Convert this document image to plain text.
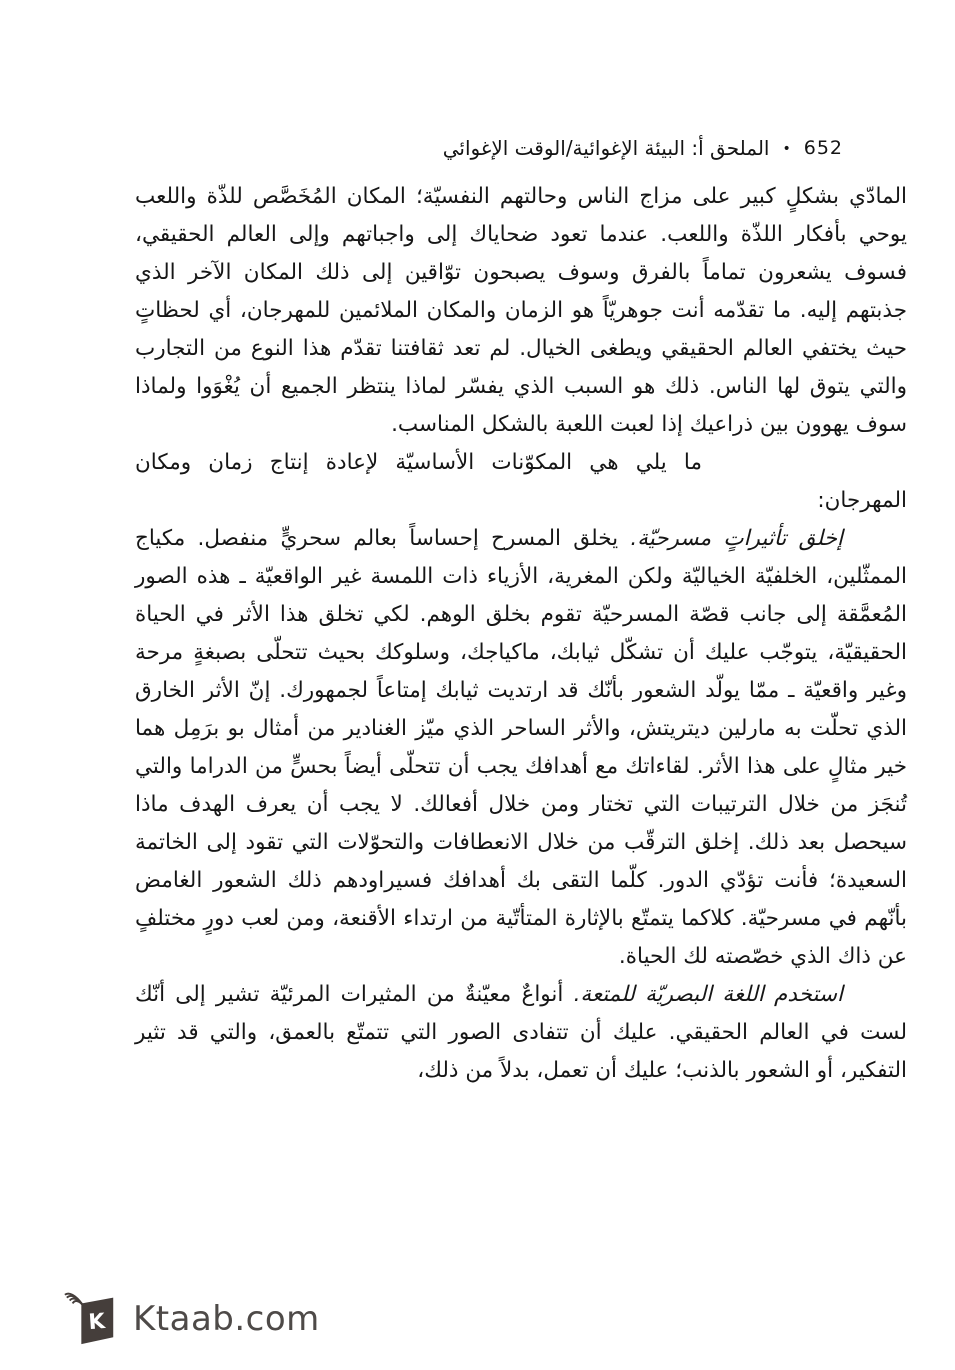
652
•
الملحق أ: البيئة الإغوائية/الوقت الإغوائي

المادّي بشكلٍ كبير على مزاج الناس وحالتهم النفسيّة؛ المكان المُخَصَّص للذّة واللعب يوحي بأفكار اللذّة واللعب. عندما تعود ضحاياك إلى واجباتهم وإلى العالم الحقيقي، فسوف يشعرون تماماً بالفرق وسوف يصبحون توّاقين إلى ذلك المكان الآخر الذي جذبتهم إليه. ما تقدّمه أنت جوهريّاً هو الزمان والمكان الملائمين للمهرجان، أي لحظاتٍ حيث يختفي العالم الحقيقي ويطغى الخيال. لم تعد ثقافتنا تقدّم هذا النوع من التجارب والتي يتوق لها الناس. ذلك هو السبب الذي يفسّر لماذا ينتظر الجميع أن يُغْوَوا ولماذا سوف يهوون بين ذراعيك إذا لعبت اللعبة بالشكل المناسب.

ما يلي هي المكوّنات الأساسيّة لإعادة إنتاج زمان ومكان المهرجان:

إخلق تأثيراتٍ مسرحيّة. يخلق المسرح إحساساً بعالم سحريٍّ منفصل. مكياج الممثّلين، الخلفيّة الخياليّة ولكن المغرية، الأزياء ذات اللمسة غير الواقعيّة ـ هذه الصور المُعمَّقة إلى جانب قصّة المسرحيّة تقوم بخلق الوهم. لكي تخلق هذا الأثر في الحياة الحقيقيّة، يتوجّب عليك أن تشكّل ثيابك، ماكياجك، وسلوكك بحيث تتحلّى بصبغةٍ مرحة وغير واقعيّة ـ ممّا يولّد الشعور بأنّك قد ارتديت ثيابك إمتاعاً لجمهورك. إنّ الأثر الخارق الذي تحلّت به مارلين ديتريتش، والأثر الساحر الذي ميّز الغنادير من أمثال بو برَمِل هما خير مثالٍ على هذا الأثر. لقاءاتك مع أهدافك يجب أن تتحلّى أيضاً بحسٍّ من الدراما والتي تُنجَز من خلال الترتيبات التي تختار ومن خلال أفعالك. لا يجب أن يعرف الهدف ماذا سيحصل بعد ذلك. إخلق الترقّب من خلال الانعطافات والتحوّلات التي تقود إلى الخاتمة السعيدة؛ فأنت تؤدّي الدور. كلّما التقى بك أهدافك فسيراودهم ذلك الشعور الغامض بأنّهم في مسرحيّة. كلاكما يتمتّع بالإثارة المتأتّية من ارتداء الأقنعة، ومن لعب دورٍ مختلفٍ عن ذاك الذي خصّصته لك الحياة.

استخدم اللغة البصريّة للمتعة. أنواعٌ معيّنةٌ من المثيرات المرئيّة تشير إلى أنّك لست في العالم الحقيقي. عليك أن تتفادى الصور التي تتمتّع بالعمق، والتي قد تثير التفكير، أو الشعور بالذنب؛ عليك أن تعمل، بدلاً من ذلك،

K Ktaab.com
